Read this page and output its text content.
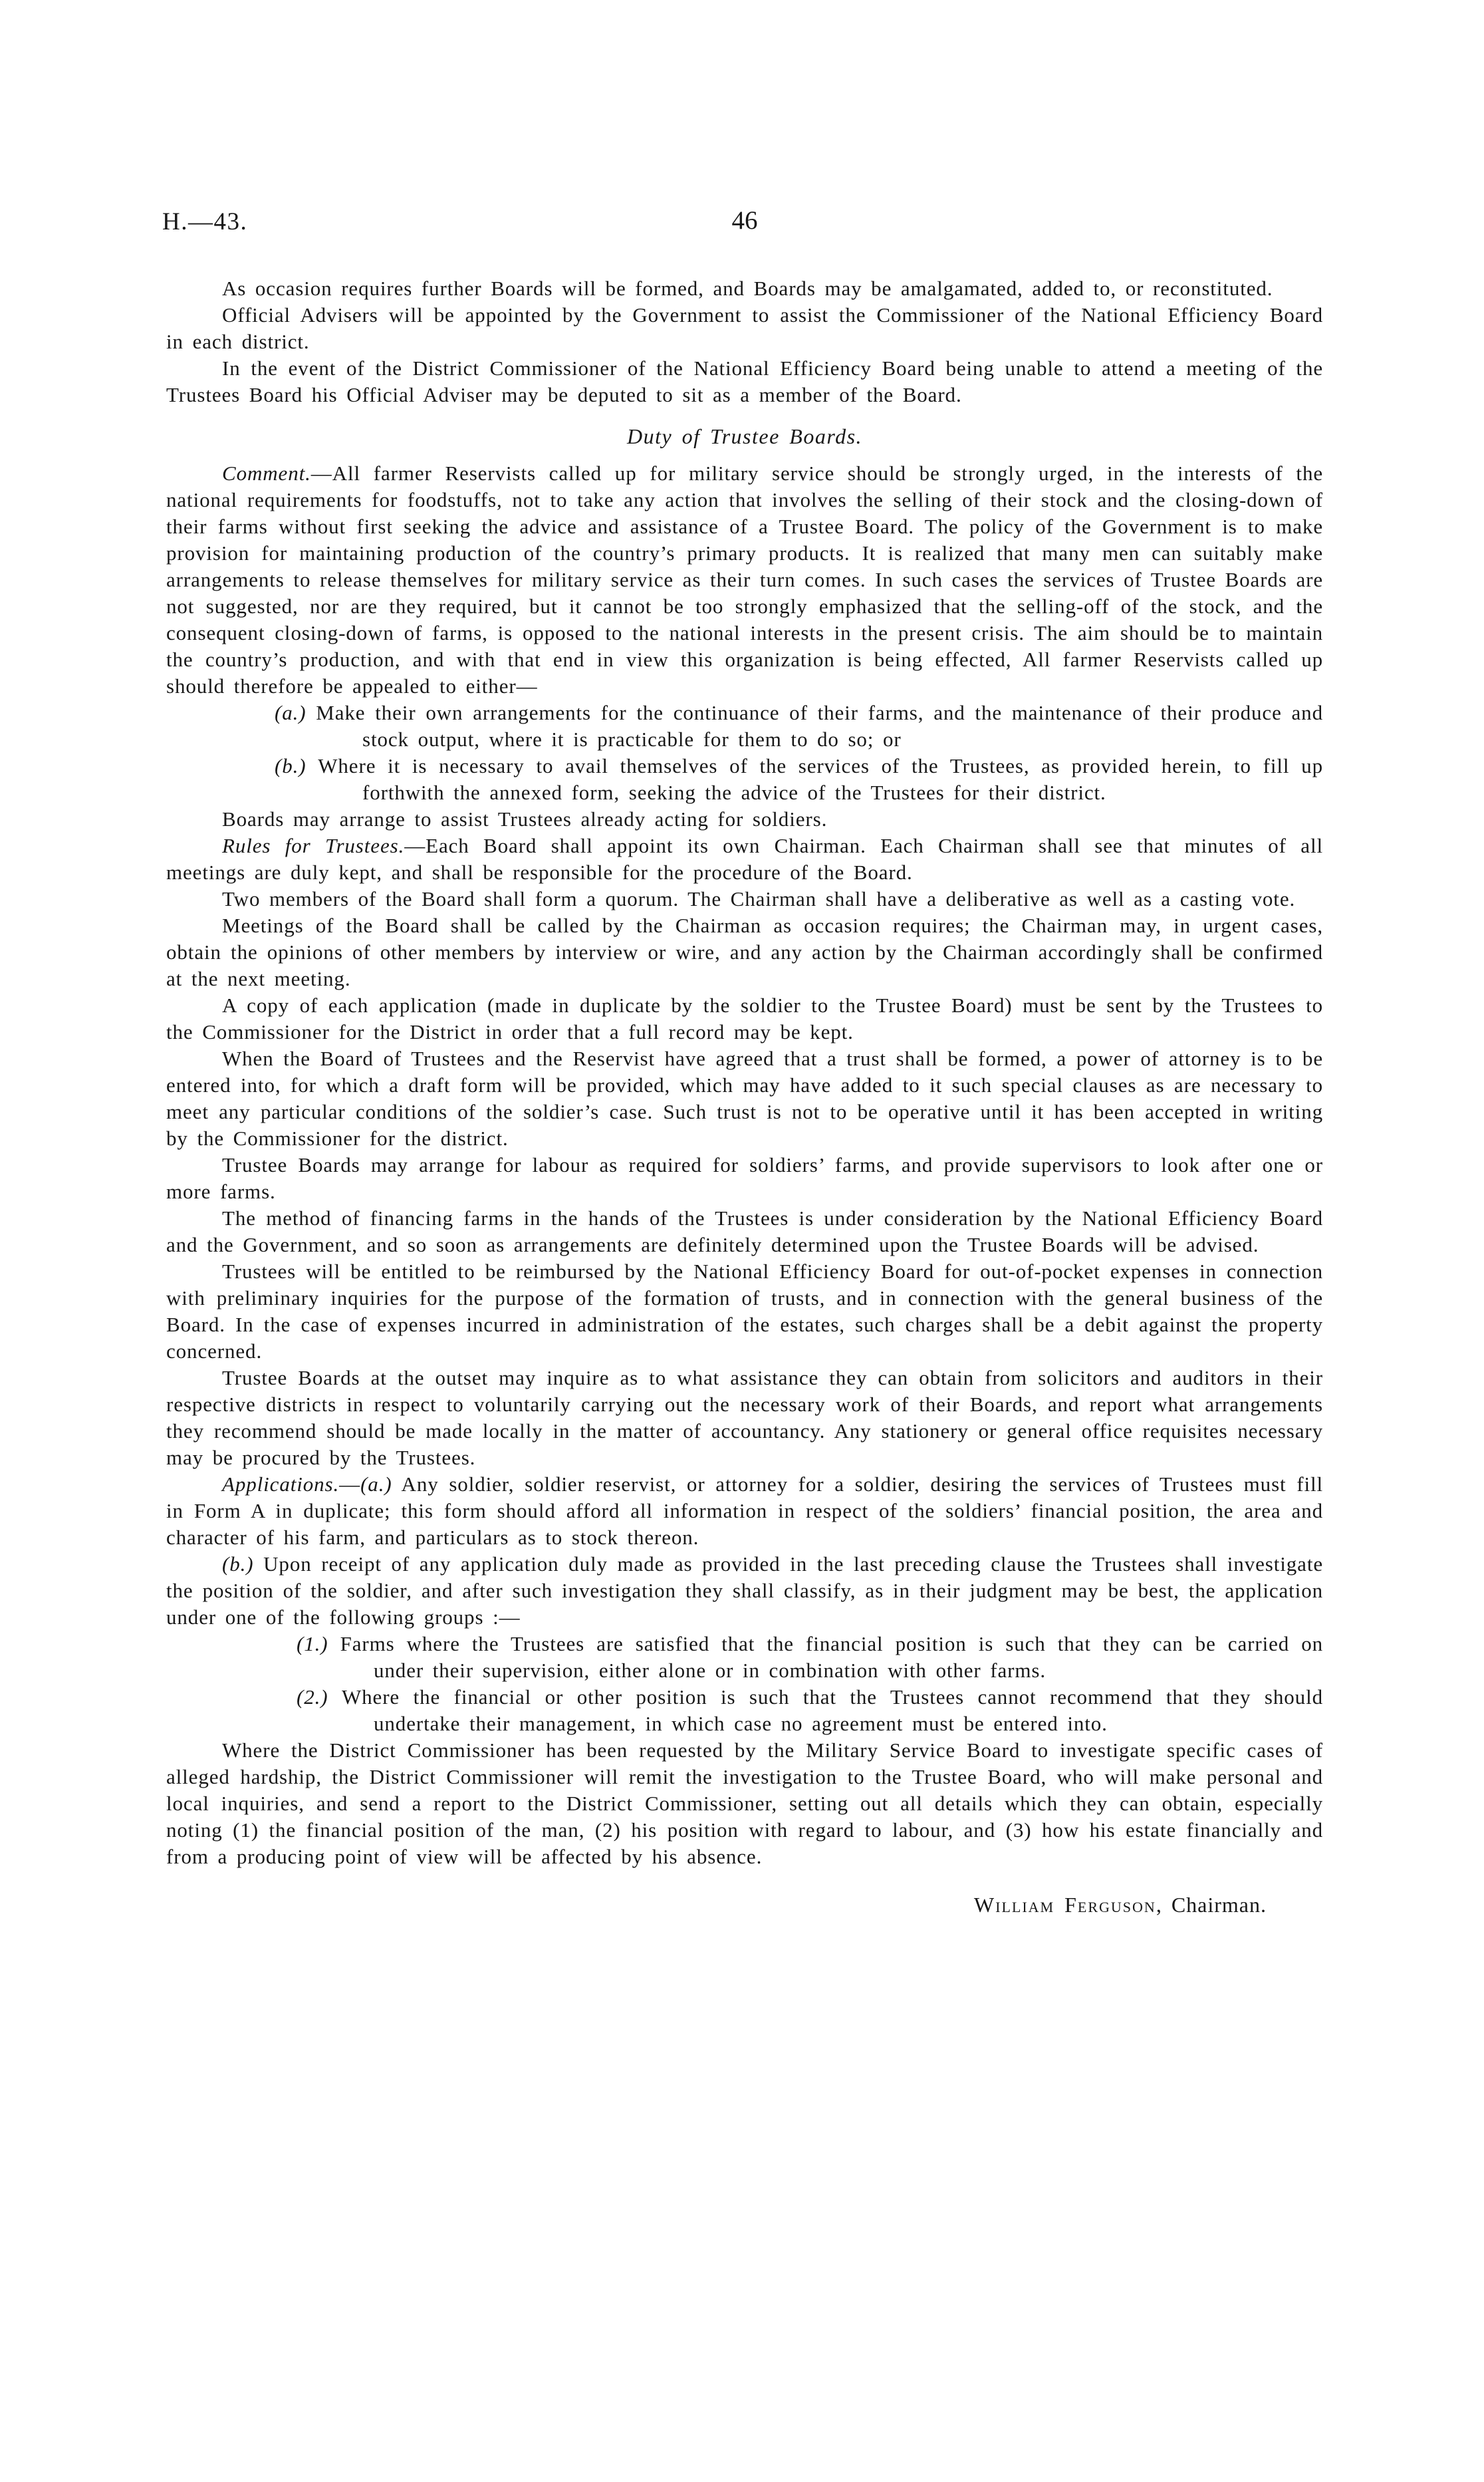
H.—43.	46

As occasion requires further Boards will be formed, and Boards may be amalgamated, added to, or reconstituted.

Official Advisers will be appointed by the Government to assist the Commissioner of the National Efficiency Board in each district.

In the event of the District Commissioner of the National Efficiency Board being unable to attend a meeting of the Trustees Board his Official Adviser may be deputed to sit as a member of the Board.

Duty of Trustee Boards.

Comment.—All farmer Reservists called up for military service should be strongly urged, in the interests of the national requirements for foodstuffs, not to take any action that involves the selling of their stock and the closing-down of their farms without first seeking the advice and assistance of a Trustee Board. The policy of the Government is to make provision for maintaining production of the country’s primary products. It is realized that many men can suitably make arrangements to release themselves for military service as their turn comes. In such cases the services of Trustee Boards are not suggested, nor are they required, but it cannot be too strongly emphasized that the selling-off of the stock, and the consequent closing-down of farms, is opposed to the national interests in the present crisis. The aim should be to maintain the country’s production, and with that end in view this organization is being effected, All farmer Reservists called up should therefore be appealed to either—

(a.) Make their own arrangements for the continuance of their farms, and the maintenance of their produce and stock output, where it is practicable for them to do so; or

(b.) Where it is necessary to avail themselves of the services of the Trustees, as provided herein, to fill up forthwith the annexed form, seeking the advice of the Trustees for their district.

Boards may arrange to assist Trustees already acting for soldiers.

Rules for Trustees.—Each Board shall appoint its own Chairman. Each Chairman shall see that minutes of all meetings are duly kept, and shall be responsible for the procedure of the Board.

Two members of the Board shall form a quorum. The Chairman shall have a deliberative as well as a casting vote.

Meetings of the Board shall be called by the Chairman as occasion requires; the Chairman may, in urgent cases, obtain the opinions of other members by interview or wire, and any action by the Chairman accordingly shall be confirmed at the next meeting.

A copy of each application (made in duplicate by the soldier to the Trustee Board) must be sent by the Trustees to the Commissioner for the District in order that a full record may be kept.

When the Board of Trustees and the Reservist have agreed that a trust shall be formed, a power of attorney is to be entered into, for which a draft form will be provided, which may have added to it such special clauses as are necessary to meet any particular conditions of the soldier’s case. Such trust is not to be operative until it has been accepted in writing by the Commissioner for the district.

Trustee Boards may arrange for labour as required for soldiers’ farms, and provide supervisors to look after one or more farms.

The method of financing farms in the hands of the Trustees is under consideration by the National Efficiency Board and the Government, and so soon as arrangements are definitely determined upon the Trustee Boards will be advised.

Trustees will be entitled to be reimbursed by the National Efficiency Board for out-of-pocket expenses in connection with preliminary inquiries for the purpose of the formation of trusts, and in connection with the general business of the Board. In the case of expenses incurred in administration of the estates, such charges shall be a debit against the property concerned.

Trustee Boards at the outset may inquire as to what assistance they can obtain from solicitors and auditors in their respective districts in respect to voluntarily carrying out the necessary work of their Boards, and report what arrangements they recommend should be made locally in the matter of accountancy. Any stationery or general office requisites necessary may be procured by the Trustees.

Applications.—(a.) Any soldier, soldier reservist, or attorney for a soldier, desiring the services of Trustees must fill in Form A in duplicate; this form should afford all information in respect of the soldiers’ financial position, the area and character of his farm, and particulars as to stock thereon.

(b.) Upon receipt of any application duly made as provided in the last preceding clause the Trustees shall investigate the position of the soldier, and after such investigation they shall classify, as in their judgment may be best, the application under one of the following groups :—

(1.) Farms where the Trustees are satisfied that the financial position is such that they can be carried on under their supervision, either alone or in combination with other farms.

(2.) Where the financial or other position is such that the Trustees cannot recommend that they should undertake their management, in which case no agreement must be entered into.

Where the District Commissioner has been requested by the Military Service Board to investigate specific cases of alleged hardship, the District Commissioner will remit the investigation to the Trustee Board, who will make personal and local inquiries, and send a report to the District Commissioner, setting out all details which they can obtain, especially noting (1) the financial position of the man, (2) his position with regard to labour, and (3) how his estate financially and from a producing point of view will be affected by his absence.

William Ferguson, Chairman.
